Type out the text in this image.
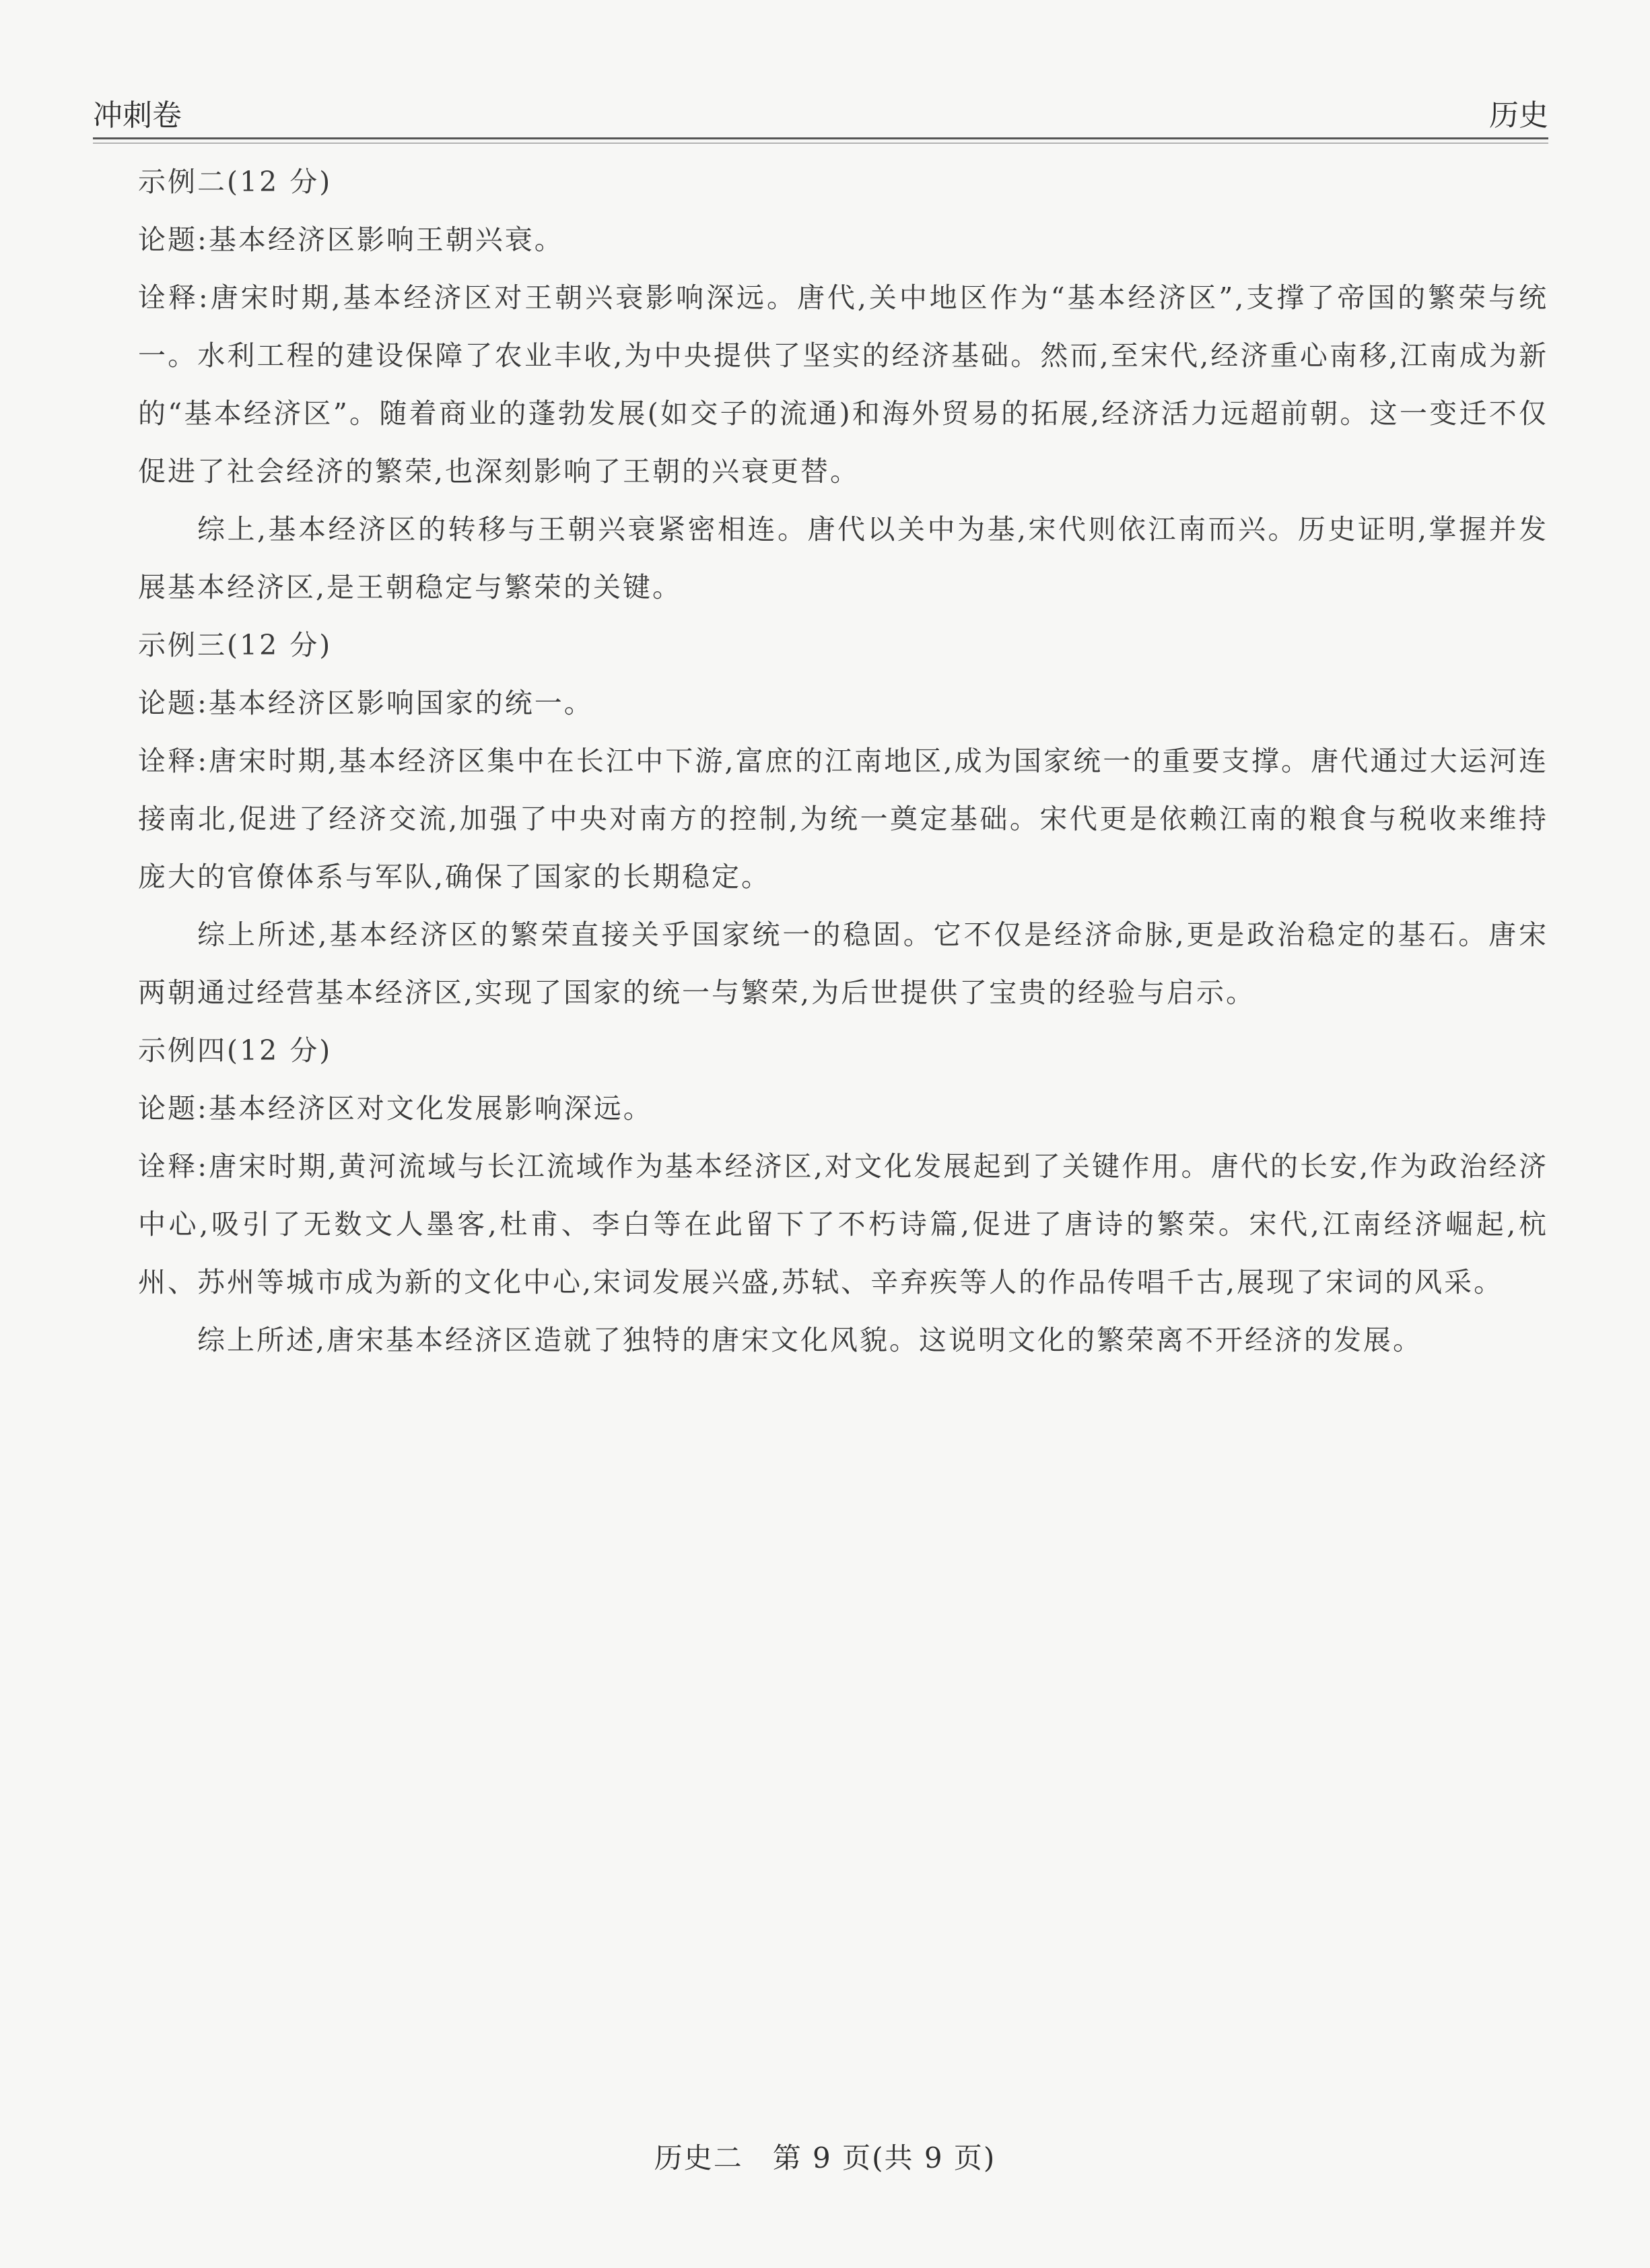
冲刺卷	历史
示例二(12 分)
论题:基本经济区影响王朝兴衰。
诠释:唐宋时期,基本经济区对王朝兴衰影响深远。唐代,关中地区作为“基本经济区”,支撑了帝国的繁荣与统一。水利工程的建设保障了农业丰收,为中央提供了坚实的经济基础。然而,至宋代,经济重心南移,江南成为新的“基本经济区”。随着商业的蓬勃发展(如交子的流通)和海外贸易的拓展,经济活力远超前朝。这一变迁不仅促进了社会经济的繁荣,也深刻影响了王朝的兴衰更替。
综上,基本经济区的转移与王朝兴衰紧密相连。唐代以关中为基,宋代则依江南而兴。历史证明,掌握并发展基本经济区,是王朝稳定与繁荣的关键。
示例三(12 分)
论题:基本经济区影响国家的统一。
诠释:唐宋时期,基本经济区集中在长江中下游,富庶的江南地区,成为国家统一的重要支撑。唐代通过大运河连接南北,促进了经济交流,加强了中央对南方的控制,为统一奠定基础。宋代更是依赖江南的粮食与税收来维持庞大的官僚体系与军队,确保了国家的长期稳定。
综上所述,基本经济区的繁荣直接关乎国家统一的稳固。它不仅是经济命脉,更是政治稳定的基石。唐宋两朝通过经营基本经济区,实现了国家的统一与繁荣,为后世提供了宝贵的经验与启示。
示例四(12 分)
论题:基本经济区对文化发展影响深远。
诠释:唐宋时期,黄河流域与长江流域作为基本经济区,对文化发展起到了关键作用。唐代的长安,作为政治经济中心,吸引了无数文人墨客,杜甫、李白等在此留下了不朽诗篇,促进了唐诗的繁荣。宋代,江南经济崛起,杭州、苏州等城市成为新的文化中心,宋词发展兴盛,苏轼、辛弃疾等人的作品传唱千古,展现了宋词的风采。
综上所述,唐宋基本经济区造就了独特的唐宋文化风貌。这说明文化的繁荣离不开经济的发展。
历史二　第 9 页(共 9 页)
